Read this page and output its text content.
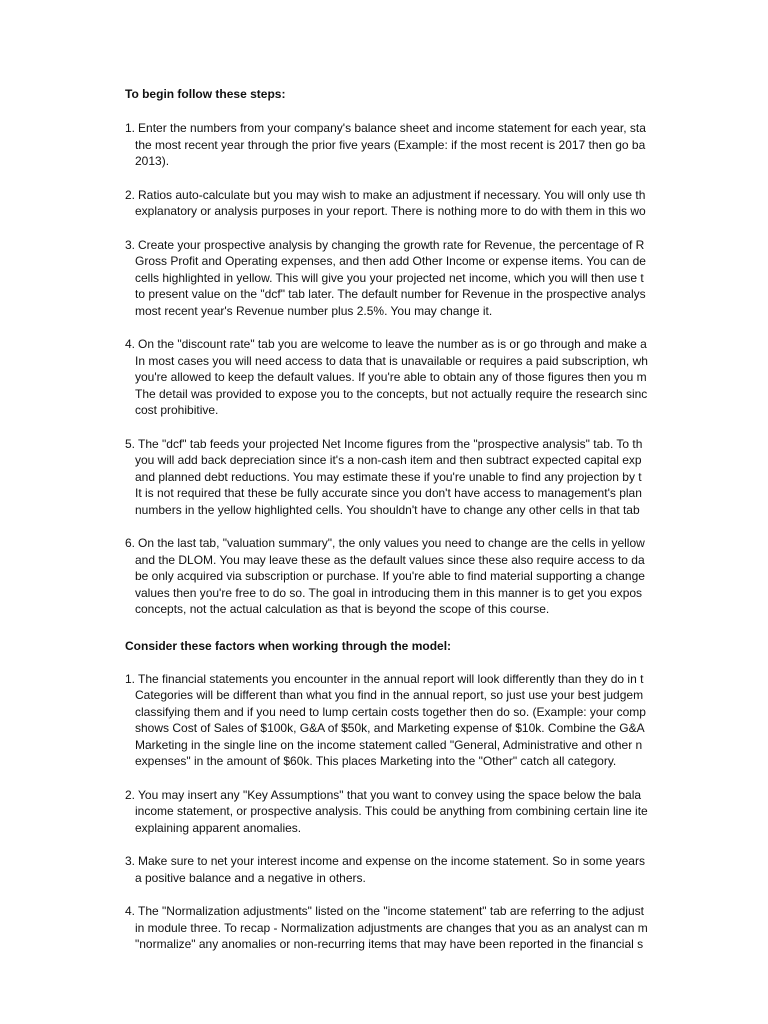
To begin follow these steps:

1. Enter the numbers from your company's balance sheet and income statement for each year, sta
the most recent year through the prior five years (Example: if the most recent is 2017 then go ba
2013).
2. Ratios auto-calculate but you may wish to make an adjustment if necessary. You will only use th
explanatory or analysis purposes in your report. There is nothing more to do with them in this wo
3. Create your prospective analysis by changing the growth rate for Revenue, the percentage of R
Gross Profit and Operating expenses, and then add Other Income or expense items. You can de
cells highlighted in yellow. This will give you your projected net income, which you will then use t
to present value on the "dcf" tab later. The default number for Revenue in the prospective analys
most recent year's Revenue number plus 2.5%. You may change it.
4. On the "discount rate" tab you are welcome to leave the number as is or go through and make a
In most cases you will need access to data that is unavailable or requires a paid subscription, wh
you're allowed to keep the default values. If you're able to obtain any of those figures then you m
The detail was provided to expose you to the concepts, but not actually require the research sinc
cost prohibitive.
5. The "dcf" tab feeds your projected Net Income figures from the "prospective analysis" tab. To th
you will add back depreciation since it's a non-cash item and then subtract expected capital exp
and planned debt reductions. You may estimate these if you're unable to find any projection by t
It is not required that these be fully accurate since you don't have access to management's plan
numbers in the yellow highlighted cells. You shouldn't have to change any other cells in that tab
6. On the last tab, "valuation summary", the only values you need to change are the cells in yellow
and the DLOM. You may leave these as the default values since these also require access to da
be only acquired via subscription or purchase. If you're able to find material supporting a change
values then you're free to do so. The goal in introducing them in this manner is to get you expos
concepts, not the actual calculation as that is beyond the scope of this course.

Consider these factors when working through the model:

1. The financial statements you encounter in the annual report will look differently than they do in t
Categories will be different than what you find in the annual report, so just use your best judgem
classifying them and if you need to lump certain costs together then do so. (Example: your comp
shows Cost of Sales of $100k, G&A of $50k, and Marketing expense of $10k. Combine the G&A
Marketing in the single line on the income statement called "General, Administrative and other n
expenses" in the amount of $60k. This places Marketing into the "Other" catch all category.
2. You may insert any "Key Assumptions" that you want to convey using the space below the bala
income statement, or prospective analysis. This could be anything from combining certain line ite
explaining apparent anomalies.
3. Make sure to net your interest income and expense on the income statement. So in some years
a positive balance and a negative in others.
4. The "Normalization adjustments" listed on the "income statement" tab are referring to the adjust
in module three. To recap - Normalization adjustments are changes that you as an analyst can m
"normalize" any anomalies or non-recurring items that may have been reported in the financial s
